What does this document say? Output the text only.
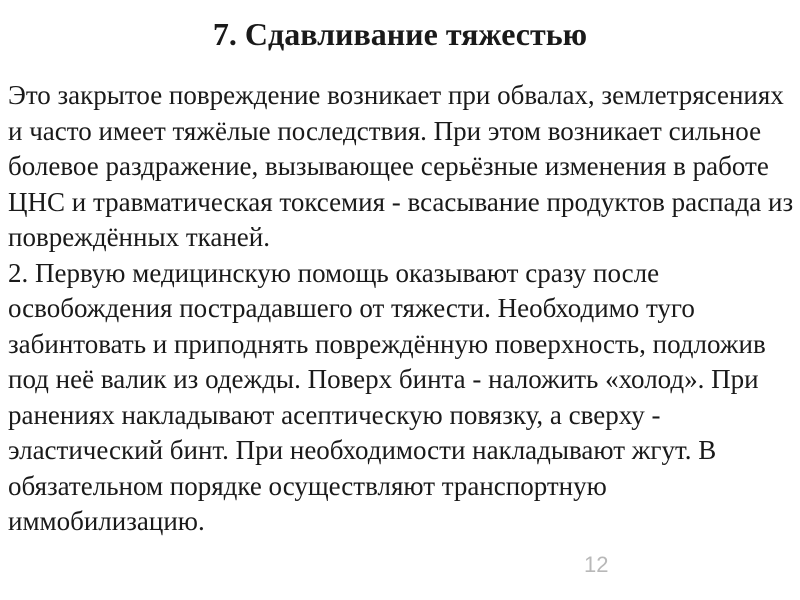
7. Сдавливание тяжестью

Это закрытое повреждение возникает при обвалах, землетрясениях и часто имеет тяжёлые последствия. При этом возникает сильное болевое раздражение, вызывающее серьёзные изменения в работе ЦНС и травматическая токсемия - всасывание продуктов распада из повреждённых тканей.

2. Первую медицинскую помощь оказывают сразу после освобождения пострадавшего от тяжести. Необходимо туго забинтовать и приподнять повреждённую поверхность, подложив под неё валик из одежды. Поверх бинта - наложить «холод». При ранениях накладывают асептическую повязку, а сверху - эластический бинт. При необходимости накладывают жгут. В обязательном порядке осуществляют транспортную иммобилизацию.

12
